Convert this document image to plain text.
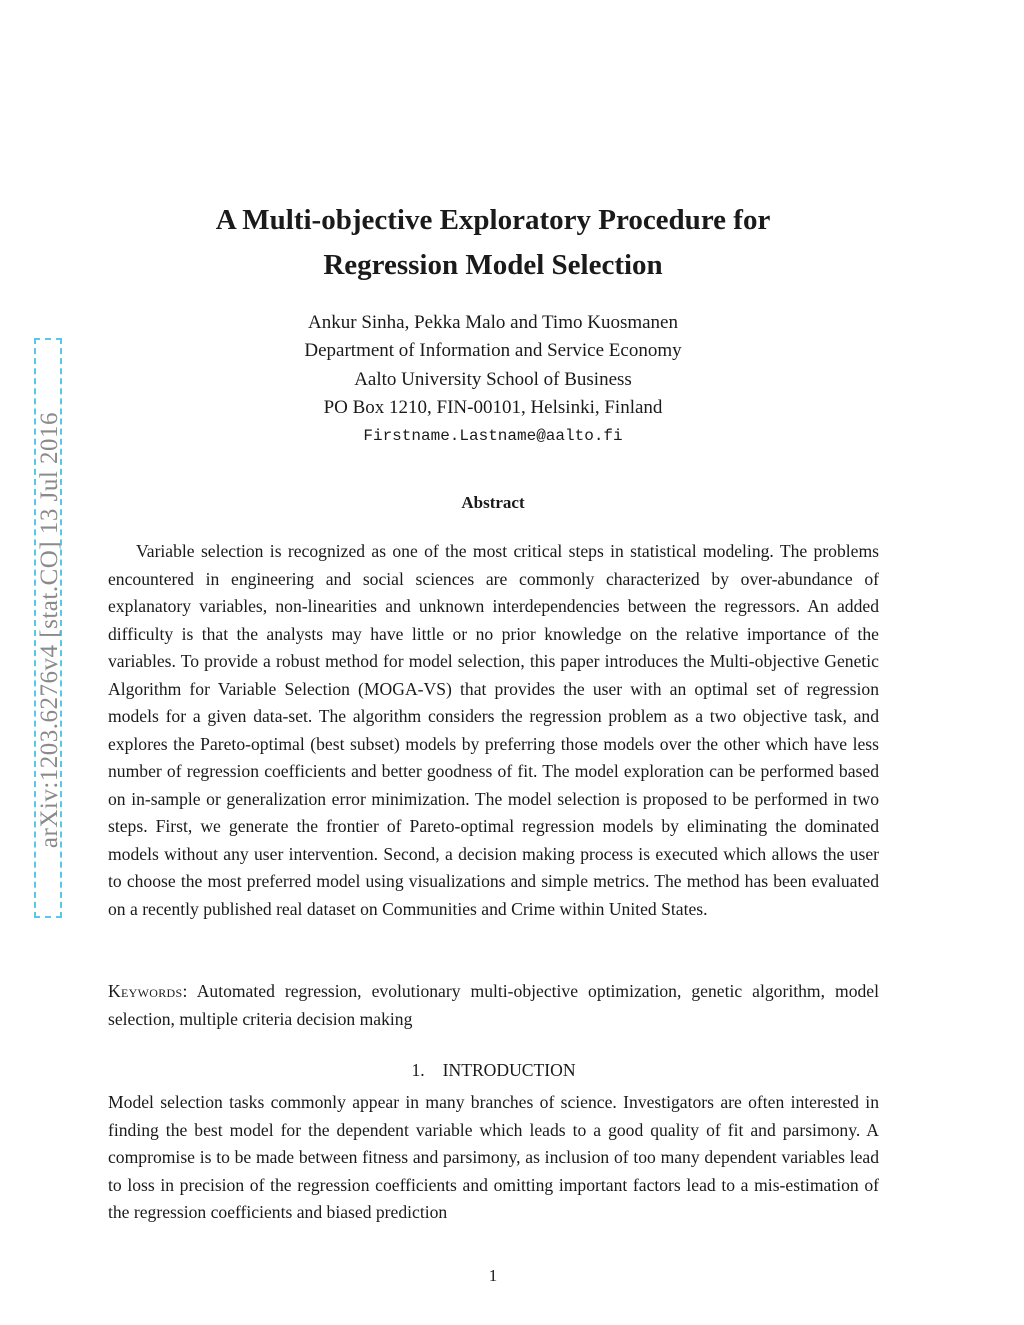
arXiv:1203.6276v4 [stat.CO] 13 Jul 2016
A Multi-objective Exploratory Procedure for
Regression Model Selection
Ankur Sinha, Pekka Malo and Timo Kuosmanen
Department of Information and Service Economy
Aalto University School of Business
PO Box 1210, FIN-00101, Helsinki, Finland
Firstname.Lastname@aalto.fi
Abstract

Variable selection is recognized as one of the most critical steps in statistical modeling. The problems encountered in engineering and social sciences are commonly characterized by over-abundance of explanatory variables, non-linearities and unknown interdependencies between the regressors. An added difficulty is that the analysts may have little or no prior knowledge on the relative importance of the variables. To provide a robust method for model selection, this paper introduces the Multi-objective Genetic Algorithm for Variable Selection (MOGA-VS) that provides the user with an optimal set of regression models for a given data-set. The algorithm considers the regression problem as a two objective task, and explores the Pareto-optimal (best subset) models by preferring those models over the other which have less number of regression coefficients and better goodness of fit. The model exploration can be performed based on in-sample or generalization error minimization. The model selection is proposed to be performed in two steps. First, we generate the frontier of Pareto-optimal regression models by eliminating the dominated models without any user intervention. Second, a decision making process is executed which allows the user to choose the most preferred model using visualizations and simple metrics. The method has been evaluated on a recently published real dataset on Communities and Crime within United States.

Keywords: Automated regression, evolutionary multi-objective optimization, genetic algorithm, model selection, multiple criteria decision making

1. INTRODUCTION

Model selection tasks commonly appear in many branches of science. Investigators are often interested in finding the best model for the dependent variable which leads to a good quality of fit and parsimony. A compromise is to be made between fitness and parsimony, as inclusion of too many dependent variables lead to loss in precision of the regression coefficients and omitting important factors lead to a mis-estimation of the regression coefficients and biased prediction

1
